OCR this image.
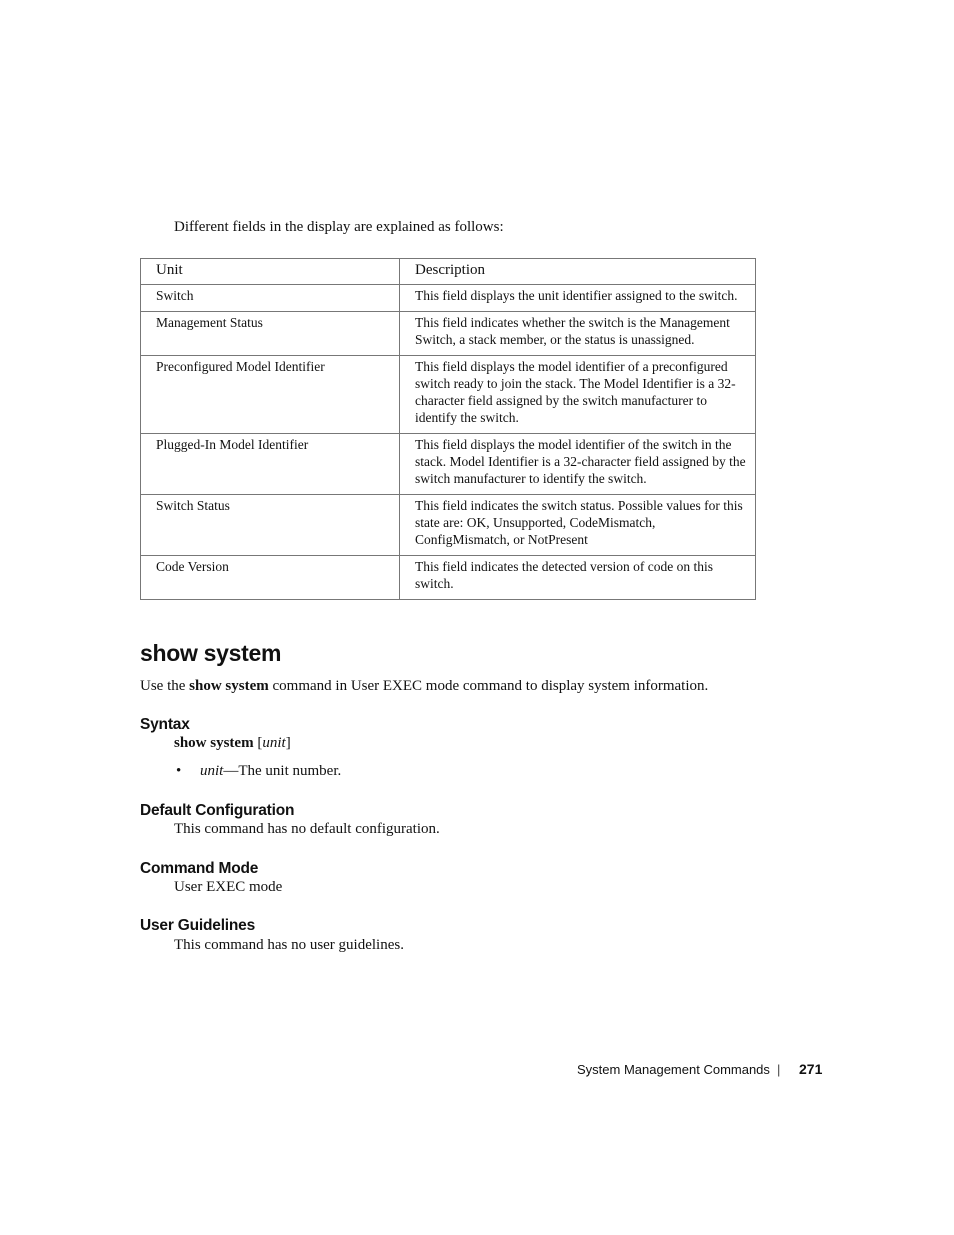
Different fields in the display are explained as follows:
Unit	Description
Switch	This field displays the unit identifier assigned to the switch.
Management Status	This field indicates whether the switch is the Management Switch, a stack member, or the status is unassigned.
Preconfigured Model Identifier	This field displays the model identifier of a preconfigured switch ready to join the stack. The Model Identifier is a 32-character field assigned by the switch manufacturer to identify the switch.
Plugged-In Model Identifier	This field displays the model identifier of the switch in the stack. Model Identifier is a 32-character field assigned by the switch manufacturer to identify the switch.
Switch Status	This field indicates the switch status. Possible values for this state are: OK, Unsupported, CodeMismatch, ConfigMismatch, or NotPresent
Code Version	This field indicates the detected version of code on this switch.
show system
Use the show system command in User EXEC mode command to display system information.
Syntax
show system [unit]
• unit—The unit number.
Default Configuration
This command has no default configuration.
Command Mode
User EXEC mode
User Guidelines
This command has no user guidelines.
System Management Commands | 271
